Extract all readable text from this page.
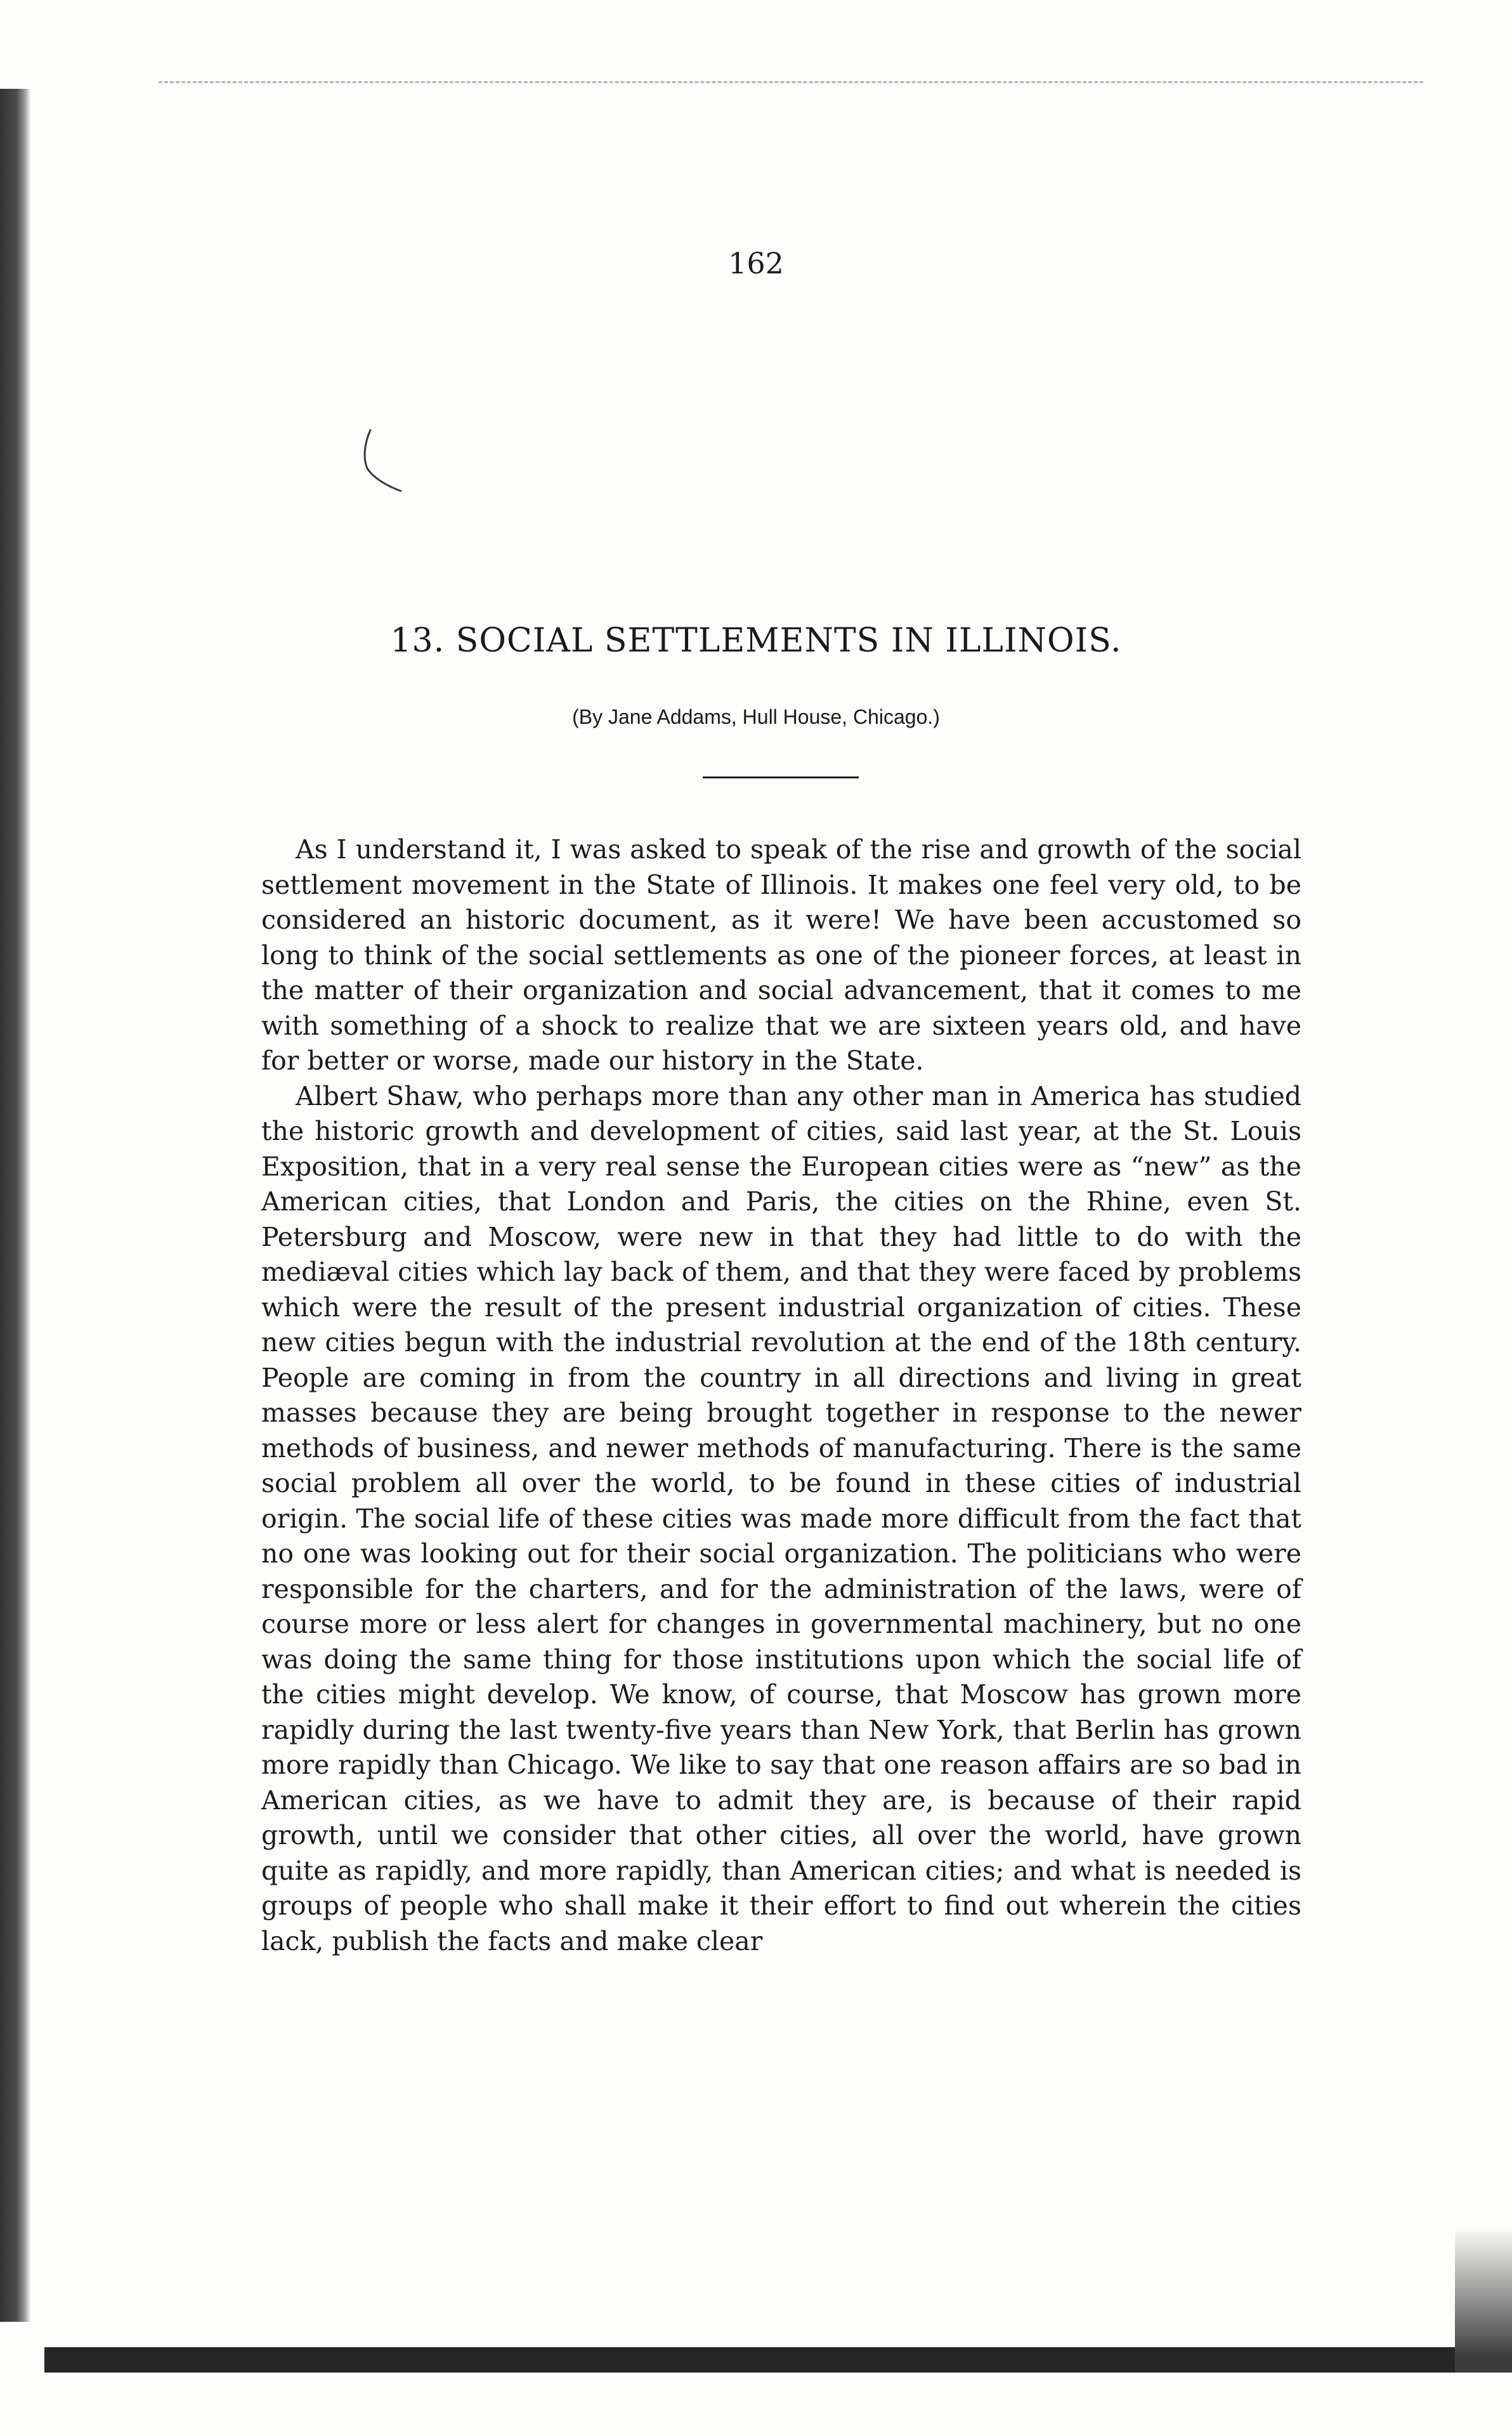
162
13. SOCIAL SETTLEMENTS IN ILLINOIS.
(By Jane Addams, Hull House, Chicago.)

As I understand it, I was asked to speak of the rise and growth of the social settlement movement in the State of Illinois. It makes one feel very old, to be considered an historic document, as it were! We have been accustomed so long to think of the social settlements as one of the pioneer forces, at least in the matter of their organization and social advancement, that it comes to me with something of a shock to realize that we are sixteen years old, and have for better or worse, made our history in the State.

Albert Shaw, who perhaps more than any other man in America has studied the historic growth and development of cities, said last year, at the St. Louis Exposition, that in a very real sense the European cities were as “new” as the American cities, that London and Paris, the cities on the Rhine, even St. Petersburg and Moscow, were new in that they had little to do with the mediæval cities which lay back of them, and that they were faced by problems which were the result of the present industrial organization of cities. These new cities begun with the industrial revolution at the end of the 18th century. People are coming in from the country in all directions and living in great masses because they are being brought together in response to the newer methods of business, and newer methods of manufacturing. There is the same social problem all over the world, to be found in these cities of industrial origin. The social life of these cities was made more difficult from the fact that no one was looking out for their social organization. The politicians who were responsible for the charters, and for the administration of the laws, were of course more or less alert for changes in governmental machinery, but no one was doing the same thing for those institutions upon which the social life of the cities might develop. We know, of course, that Moscow has grown more rapidly during the last twenty-five years than New York, that Berlin has grown more rapidly than Chicago. We like to say that one reason affairs are so bad in American cities, as we have to admit they are, is because of their rapid growth, until we consider that other cities, all over the world, have grown quite as rapidly, and more rapidly, than American cities; and what is needed is groups of people who shall make it their effort to find out wherein the cities lack, publish the facts and make clear
